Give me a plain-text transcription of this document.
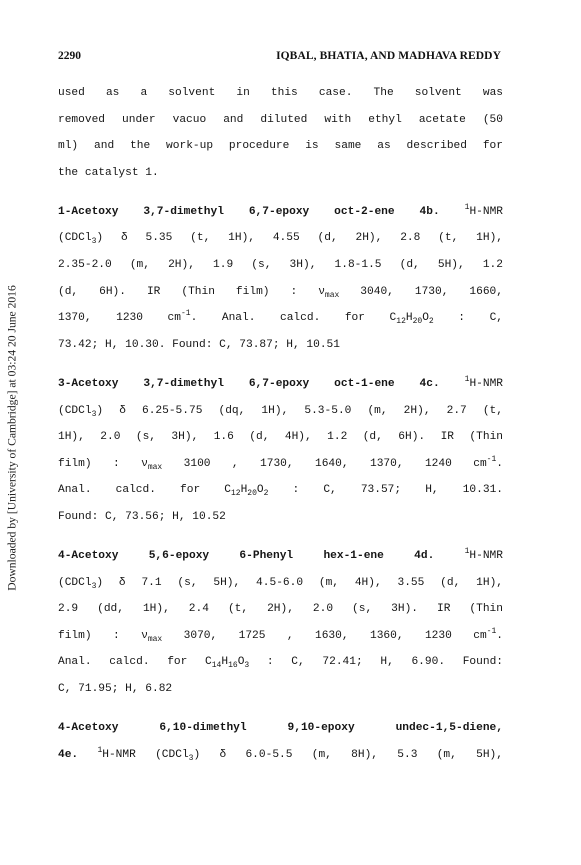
2290	IQBAL, BHATIA, AND MADHAVA REDDY
Downloaded by [University of Cambridge] at 03:24 20 June 2016
used as a solvent in this case. The solvent was
removed under vacuo and diluted with ethyl acetate (50
ml) and the work-up procedure is same as described for
the catalyst 1.
1-Acetoxy 3,7-dimethyl 6,7-epoxy oct-2-ene 4b.	$^1$H-NMR
(CDCl$_3$) δ 5.35 (t, 1H), 4.55 (d, 2H), 2.8 (t, 1H),
2.35-2.0 (m, 2H), 1.9 (s, 3H), 1.8-1.5 (d, 5H), 1.2
(d, 6H). IR (Thin film) : $\nu_{max}$ 3040, 1730, 1660,
1370, 1230 $cm^{-1}$. Anal. calcd. for $C_{12}H_{20}O_2$ : C,
73.42; H, 10.30. Found: C, 73.87; H, 10.51
3-Acetoxy 3,7-dimethyl 6,7-epoxy oct-1-ene 4c.	$^1$H-NMR
(CDCl$_3$) δ 6.25-5.75 (dq, 1H), 5.3-5.0 (m, 2H), 2.7 (t,
1H), 2.0 (s, 3H), 1.6 (d, 4H), 1.2 (d, 6H). IR (Thin
film) : $\nu_{max}$ 3100 , 1730, 1640, 1370, 1240 $cm^{-1}$.
Anal. calcd. for $C_{12}H_{20}O_2$ : C, 73.57; H, 10.31.
Found: C, 73.56; H, 10.52
4-Acetoxy 5,6-epoxy 6-Phenyl hex-1-ene 4d.	$^1$H-NMR
(CDCl$_3$) δ 7.1 (s, 5H), 4.5-6.0 (m, 4H), 3.55 (d, 1H),
2.9 (dd, 1H), 2.4 (t, 2H), 2.0 (s, 3H). IR (Thin
film) : $\nu_{max}$ 3070, 1725 , 1630, 1360, 1230 $cm^{-1}$.
Anal. calcd. for $C_{14}H_{16}O_3$ : C, 72.41; H, 6.90. Found:
C, 71.95; H, 6.82
4-Acetoxy 6,10-dimethyl 9,10-epoxy undec-1,5-diene,
4e. $^1$H-NMR (CDCl$_3$) δ 6.0-5.5 (m, 8H), 5.3 (m, 5H),
